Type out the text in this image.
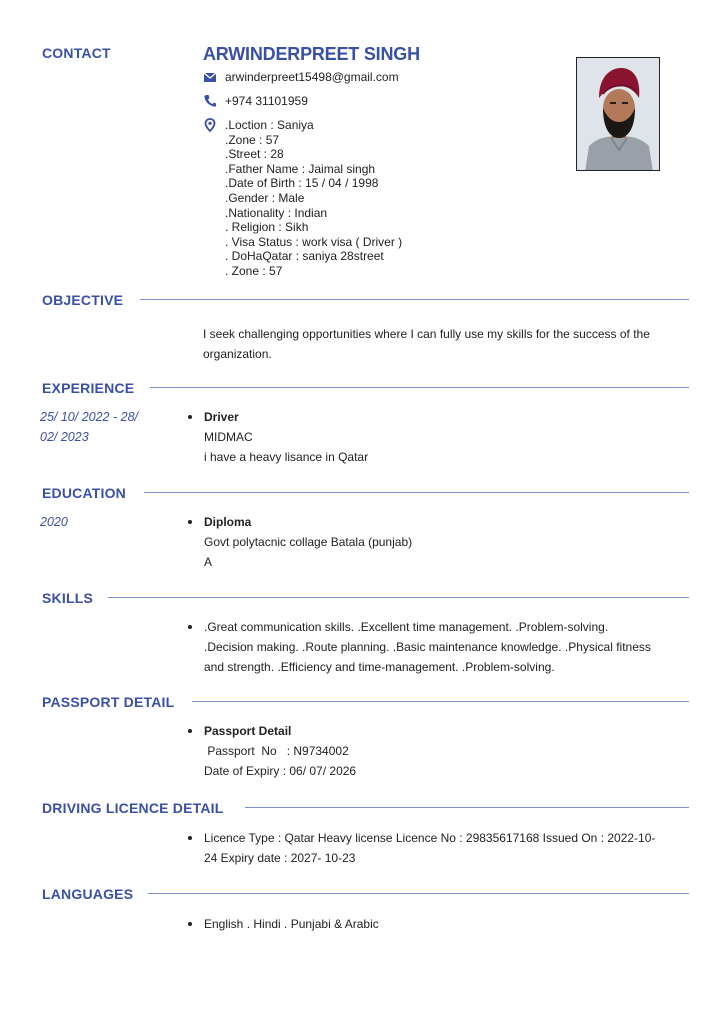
CONTACT	ARWINDERPREET SINGH
arwinderpreet15498@gmail.com
+974 31101959
.Loction : Saniya
.Zone : 57
.Street : 28
.Father Name : Jaimal singh
.Date of Birth : 15 / 04 / 1998
.Gender : Male
.Nationality : Indian
. Religion : Sikh
. Visa Status : work visa ( Driver )
. DoHaQatar : saniya 28street
. Zone : 57
OBJECTIVE
I seek challenging opportunities where I can fully use my skills for the success of the
organization.
EXPERIENCE
25/ 10/ 2022 - 28/
02/ 2023
Driver
MIDMAC
i have a heavy lisance in Qatar
EDUCATION
2020	Diploma
Govt polytacnic collage Batala (punjab)
A
SKILLS
.Great communication skills. .Excellent time management. .Problem-solving.
.Decision making. .Route planning. .Basic maintenance knowledge. .Physical fitness
and strength. .Efficiency and time-management. .Problem-solving.
PASSPORT DETAIL
Passport Detail
Passport  No   : N9734002
Date of Expiry : 06/ 07/ 2026
DRIVING LICENCE DETAIL
Licence Type : Qatar Heavy license Licence No : 29835617168 Issued On : 2022-10-
24 Expiry date : 2027- 10-23
LANGUAGES
English . Hindi . Punjabi & Arabic
